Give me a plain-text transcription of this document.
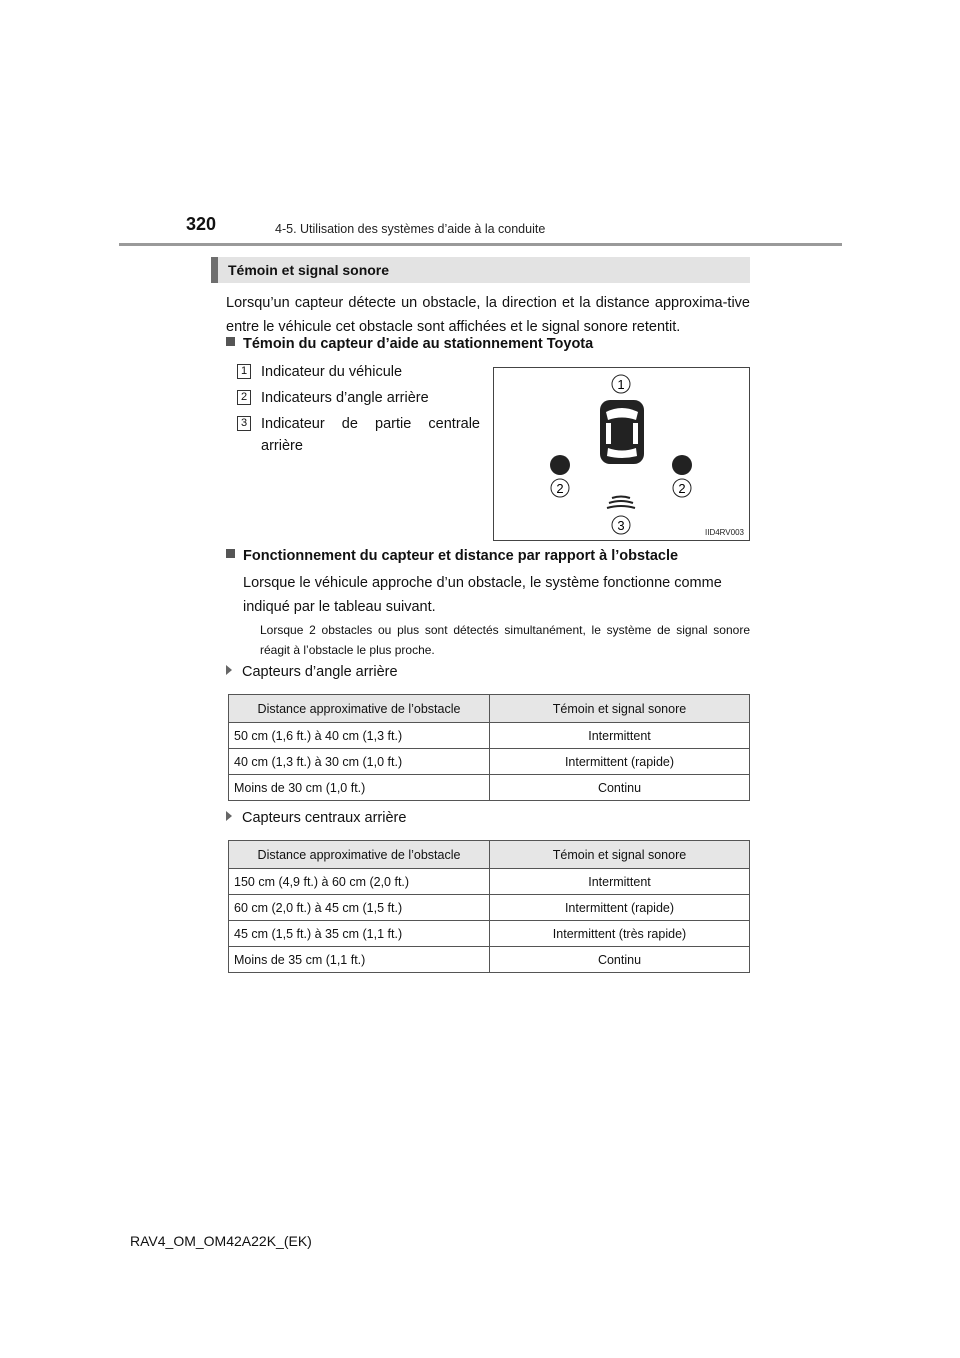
320	4-5. Utilisation des systèmes d’aide à la conduite
Témoin et signal sonore
Lorsqu’un capteur détecte un obstacle, la direction et la distance approxima-tive entre le véhicule cet obstacle sont affichées et le signal sonore retentit.
Témoin du capteur d’aide au stationnement Toyota
1 Indicateur du véhicule
2 Indicateurs d’angle arrière
3 Indicateur de partie centrale arrière
1
2	2
3	IID4RV003
Fonctionnement du capteur et distance par rapport à l’obstacle
Lorsque le véhicule approche d’un obstacle, le système fonctionne comme indiqué par le tableau suivant.
Lorsque 2 obstacles ou plus sont détectés simultanément, le système de signal sonore réagit à l’obstacle le plus proche.
Capteurs d’angle arrière
Distance approximative de l’obstacle	Témoin et signal sonore
50 cm (1,6 ft.) à 40 cm (1,3 ft.)	Intermittent
40 cm (1,3 ft.) à 30 cm (1,0 ft.)	Intermittent (rapide)
Moins de 30 cm (1,0 ft.)	Continu
Capteurs centraux arrière
Distance approximative de l’obstacle	Témoin et signal sonore
150 cm (4,9 ft.) à 60 cm (2,0 ft.)	Intermittent
60 cm (2,0 ft.) à 45 cm (1,5 ft.)	Intermittent (rapide)
45 cm (1,5 ft.) à 35 cm (1,1 ft.)	Intermittent (très rapide)
Moins de 35 cm (1,1 ft.)	Continu
RAV4_OM_OM42A22K_(EK)
